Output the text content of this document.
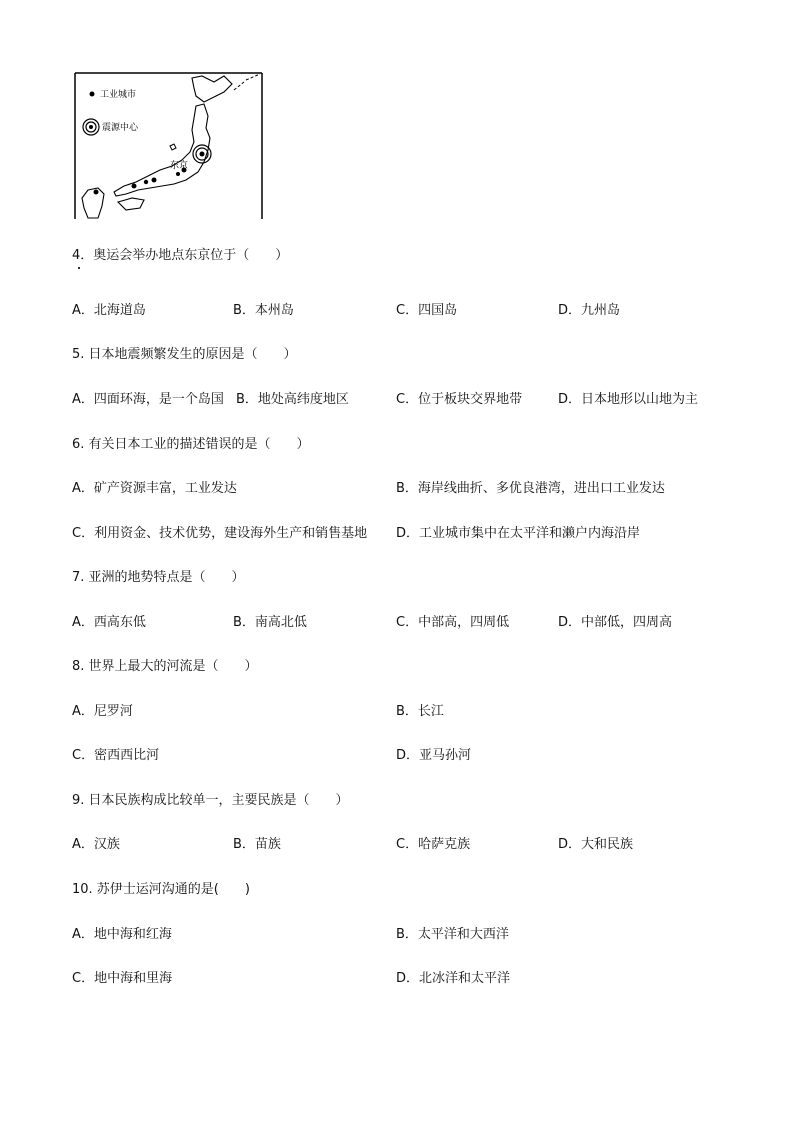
工业城市
震源中心
东京
4．奥运会举办地点东京位于（　　）
A．北海道岛	B．本州岛	C．四国岛	D．九州岛
5. 日本地震频繁发生的原因是（　　）
A．四面环海，是一个岛国 B．地处高纬度地区	C．位于板块交界地带	D．日本地形以山地为主
6. 有关日本工业的描述错误的是（　　）
A．矿产资源丰富，工业发达	B．海岸线曲折、多优良港湾，进出口工业发达
C．利用资金、技术优势，建设海外生产和销售基地 D．工业城市集中在太平洋和濑户内海沿岸
7. 亚洲的地势特点是（　　）
A．西高东低	B．南高北低	C．中部高，四周低	D．中部低，四周高
8. 世界上最大的河流是（　　）
A．尼罗河	B．长江
C．密西西比河	D．亚马孙河
9. 日本民族构成比较单一，主要民族是（　　）
A．汉族	B．苗族	C．哈萨克族	D．大和民族
10. 苏伊士运河沟通的是(　　)
A．地中海和红海	B．太平洋和大西洋
C．地中海和里海	D．北冰洋和太平洋
